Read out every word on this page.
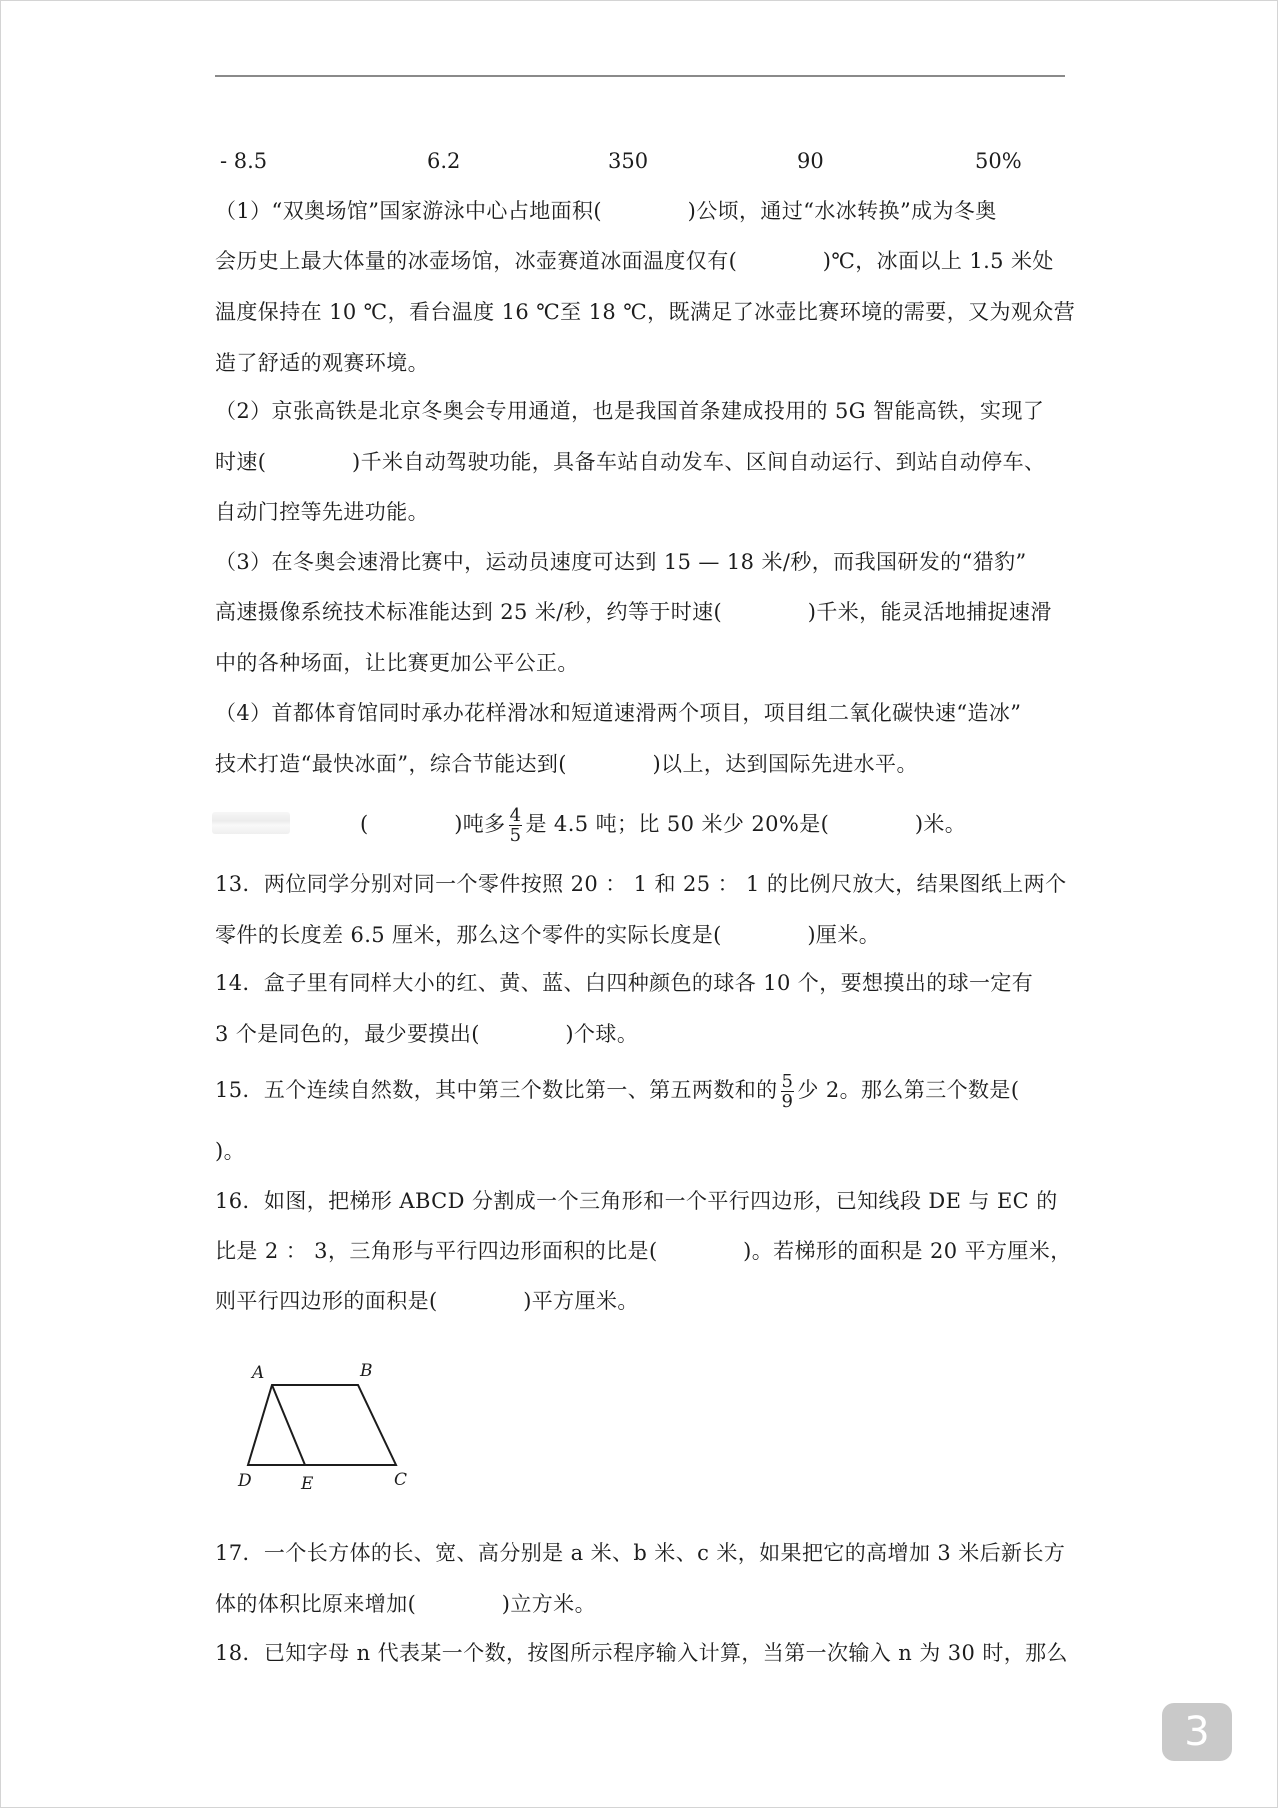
- 8.5	6.2	350	90	50%
（1）“双奥场馆”国家游泳中心占地面积(　　　　)公顷，通过“水冰转换”成为冬奥
会历史上最大体量的冰壶场馆，冰壶赛道冰面温度仅有(　　　　)℃，冰面以上 1.5 米处
温度保持在 10 ℃，看台温度 16 ℃至 18 ℃，既满足了冰壶比赛环境的需要，又为观众营
造了舒适的观赛环境。
（2）京张高铁是北京冬奥会专用通道，也是我国首条建成投用的 5G 智能高铁，实现了
时速(　　　　)千米自动驾驶功能，具备车站自动发车、区间自动运行、到站自动停车、
自动门控等先进功能。
（3）在冬奥会速滑比赛中，运动员速度可达到 15 — 18 米/秒，而我国研发的“猎豹”
高速摄像系统技术标准能达到 25 米/秒，约等于时速(　　　　)千米，能灵活地捕捉速滑
中的各种场面，让比赛更加公平公正。
（4）首都体育馆同时承办花样滑冰和短道速滑两个项目，项目组二氧化碳快速“造冰”
技术打造“最快冰面”，综合节能达到(　　　　)以上，达到国际先进水平。
(　　　　)吨多 $\frac{4}{5}$ 是 4.5 吨；比 50 米少 20%是(　　　　)米。
13．两位同学分别对同一个零件按照 20 ： 1 和 25 ： 1 的比例尺放大，结果图纸上两个
零件的长度差 6.5 厘米，那么这个零件的实际长度是(　　　　)厘米。
14．盒子里有同样大小的红、黄、蓝、白四种颜色的球各 10 个，要想摸出的球一定有
3 个是同色的，最少要摸出(　　　　)个球。
15．五个连续自然数，其中第三个数比第一、第五两数和的 $\frac{5}{9}$ 少 2。那么第三个数是(
)。
16．如图，把梯形 ABCD 分割成一个三角形和一个平行四边形，已知线段 DE 与 EC 的
比是 2 ： 3，三角形与平行四边形面积的比是(　　　　)。若梯形的面积是 20 平方厘米，
则平行四边形的面积是(　　　　)平方厘米。
A	B
C
D	E
17．一个长方体的长、宽、高分别是 a 米、b 米、c 米，如果把它的高增加 3 米后新长方
体的体积比原来增加(　　　　)立方米。
18．已知字母 n 代表某一个数，按图所示程序输入计算，当第一次输入 n 为 30 时，那么
3
